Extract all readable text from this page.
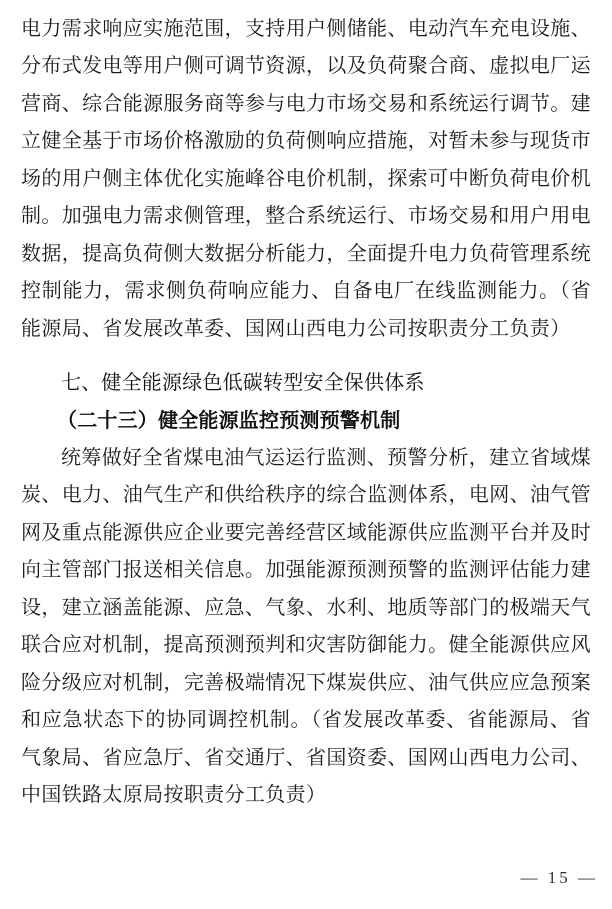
电力需求响应实施范围，支持用户侧储能、电动汽车充电设施、分布式发电等用户侧可调节资源，以及负荷聚合商、虚拟电厂运营商、综合能源服务商等参与电力市场交易和系统运行调节。建立健全基于市场价格激励的负荷侧响应措施，对暂未参与现货市场的用户侧主体优化实施峰谷电价机制，探索可中断负荷电价机制。加强电力需求侧管理，整合系统运行、市场交易和用户用电数据，提高负荷侧大数据分析能力，全面提升电力负荷管理系统控制能力，需求侧负荷响应能力、自备电厂在线监测能力。（省能源局、省发展改革委、国网山西电力公司按职责分工负责）

七、健全能源绿色低碳转型安全保供体系

（二十三）健全能源监控预测预警机制

统筹做好全省煤电油气运运行监测、预警分析，建立省域煤炭、电力、油气生产和供给秩序的综合监测体系，电网、油气管网及重点能源供应企业要完善经营区域能源供应监测平台并及时向主管部门报送相关信息。加强能源预测预警的监测评估能力建设，建立涵盖能源、应急、气象、水利、地质等部门的极端天气联合应对机制，提高预测预判和灾害防御能力。健全能源供应风险分级应对机制，完善极端情况下煤炭供应、油气供应应急预案和应急状态下的协同调控机制。（省发展改革委、省能源局、省气象局、省应急厅、省交通厅、省国资委、国网山西电力公司、中国铁路太原局按职责分工负责）

— 15 —
